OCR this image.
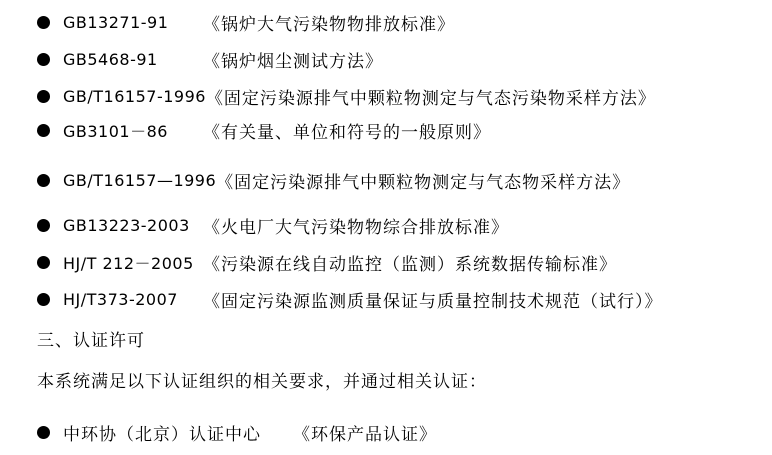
GB13271-91	《锅炉大气污染物物排放标准》
GB5468-91	《锅炉烟尘测试方法》
GB/T16157-1996 《固定污染源排气中颗粒物测定与气态污染物采样方法》
GB3101－86	《有关量、单位和符号的一般原则》
GB/T16157—1996 《固定污染源排气中颗粒物测定与气态物采样方法》
GB13223-2003 《火电厂大气污染物物综合排放标准》
HJ/T 212－2005 《污染源在线自动监控（监测）系统数据传输标准》
HJ/T373-2007	《固定污染源监测质量保证与质量控制技术规范（试行）》
三、认证许可
本系统满足以下认证组织的相关要求，并通过相关认证：
中环协（北京）认证中心 《环保产品认证》
